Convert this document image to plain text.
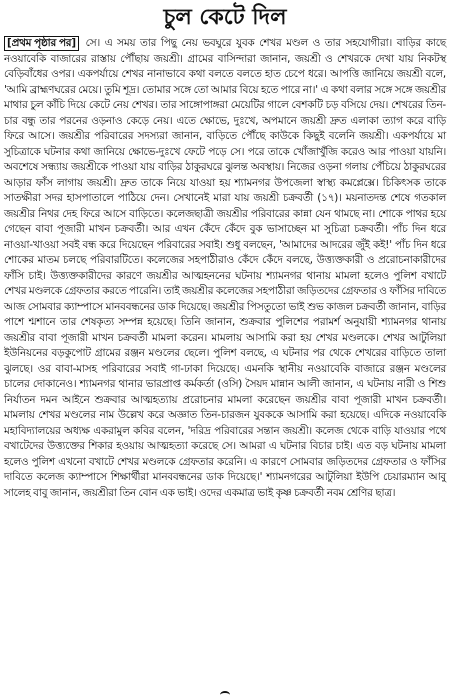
চুল কেটে দিল

[প্রথম পৃষ্ঠার পর] সে। এ সময় তার পিছু নেয় ভবঘুরে যুবক শেখর মণ্ডল ও তার সহযোগীরা। বাড়ির কাছে নওয়াবেকি বাজারের রাস্তায় পৌঁছায় জয়শ্রী। গ্রামের বাসিন্দারা জানান, জয়শ্রী ও শেখরকে দেখা যায় নিকটস্থ বেড়িবাঁধের ওপর। একপর্যায়ে শেখর নানাভাবে কথা বলতে বলতে হাত চেপে ধরে। আপত্তি জানিয়ে জয়শ্রী বলে, 'আমি ব্রাহ্মণঘরের মেয়ে। তুমি শূদ্র। তোমার সঙ্গে তো আমার বিয়ে হতে পারে না।' এ কথা বলার সঙ্গে সঙ্গে জয়শ্রীর মাথার চুল কাঁচি দিয়ে কেটে নেয় শেখর। তার সাঙ্গোপাঙ্গরা মেয়েটির গালে বেশকটি চড় বসিয়ে দেয়। শেখরের তিন-চার বন্ধু তার পরনের ওড়নাও কেড়ে নেয়। এতে ক্ষোভে, দুঃখে, অপমানে জয়শ্রী দ্রুত এলাকা ত্যাগ করে বাড়ি ফিরে আসে। জয়শ্রীর পরিবারের সদস্যরা জানান, বাড়িতে পৌঁছে কাউকে কিছুই বলেনি জয়শ্রী। একপর্যায়ে মা সুচিত্রাকে ঘটনার কথা জানিয়ে ক্ষোভে-দুঃখে ফেটে পড়ে সে। পরে তাকে খোঁজাখুঁজি করেও আর পাওয়া যায়নি। অবশেষে সন্ধ্যায় জয়শ্রীকে পাওয়া যায় বাড়ির ঠাকুরঘরে ঝুলন্ত অবস্থায়। নিজের ওড়না গলায় পেঁচিয়ে ঠাকুরঘরের আড়ার ফাঁস লাগায় জয়শ্রী। দ্রুত তাকে নিয়ে যাওয়া হয় শ্যামনগর উপজেলা স্বাস্থ্য কমপ্লেক্সে। চিকিৎসক তাকে সাতক্ষীরা সদর হাসপাতালে পাঠিয়ে দেন। সেখানেই মারা যায় জয়শ্রী চক্রবর্তী (১৭)। ময়নাতদন্ত শেষে গতকাল জয়শ্রীর নিথর দেহ ফিরে আসে বাড়িতে। কলেজছাত্রী জয়শ্রীর পরিবারের কান্না যেন থামছে না। শোকে পাথর হয়ে গেছেন বাবা পূজারী মাখন চক্রবর্তী। আর এখন কেঁদে কেঁদে বুক ভাসাচ্ছেন মা সুচিত্রা চক্রবর্তী। পাঁচ দিন ধরে নাওয়া-খাওয়া সবই বন্ধ করে দিয়েছেন পরিবারের সবাই। শুধু বলছেন, 'আমাদের আদরের জুঁই কই!' পাঁচ দিন ধরে শোকের মাতম চলছে পরিবারটিতে। কলেজের সহপাঠীরাও কেঁদে কেঁদে বলছে, উত্ত্যক্তকারী ও প্ররোচনাকারীদের ফাঁসি চাই। উত্ত্যক্তকারীদের কারণে জয়শ্রীর আত্মহননের ঘটনায় শ্যামনগর থানায় মামলা হলেও পুলিশ বখাটে শেখর মণ্ডলকে গ্রেফতার করতে পারেনি। তাই জয়শ্রীর কলেজের সহপাঠীরা জড়িতদের গ্রেফতার ও ফাঁসির দাবিতে আজ সোমবার ক্যাম্পাসে মানববন্ধনের ডাক দিয়েছে। জয়শ্রীর পিসতুতো ভাই শুভ কাজল চক্রবর্তী জানান, বাড়ির পাশে শ্মশানে তার শেষকৃত্য সম্পন্ন হয়েছে। তিনি জানান, শুক্রবার পুলিশের পরামর্শ অনুযায়ী শ্যামনগর থানায় জয়শ্রীর বাবা পূজারী মাখন চক্রবর্তী মামলা করেন। মামলায় আসামি করা হয় শেখর মণ্ডলকে। শেখর আটুলিয়া ইউনিয়নের বড়কুপোট গ্রামের রঞ্জন মণ্ডলের ছেলে। পুলিশ বলছে, এ ঘটনার পর থেকে শেখরের বাড়িতে তালা ঝুলছে। ওর বাবা-মাসহ পরিবারের সবাই গা-ঢাকা দিয়েছে। এমনকি স্থানীয় নওয়াবেকি বাজারে রঞ্জন মণ্ডলের চালের দোকানেও। শ্যামনগর থানার ভারপ্রাপ্ত কর্মকর্তা (ওসি) সৈয়দ মান্নান আলী জানান, এ ঘটনায় নারী ও শিশু নির্যাতন দমন আইনে শুক্রবার আত্মহত্যায় প্ররোচনার মামলা করেছেন জয়শ্রীর বাবা পূজারী মাখন চক্রবর্তী। মামলায় শেখর মণ্ডলের নাম উল্লেখ করে অজ্ঞাত তিন-চারজন যুবককে আসামি করা হয়েছে। এদিকে নওয়াবেকি মহাবিদ্যালয়ের অধ্যক্ষ একরামুল কবির বলেন, 'দরিদ্র পরিবারের সন্তান জয়শ্রী। কলেজ থেকে বাড়ি যাওয়ার পথে বখাটেদের উত্ত্যক্তের শিকার হওয়ায় আত্মহত্যা করেছে সে। আমরা এ ঘটনার বিচার চাই। এত বড় ঘটনায় মামলা হলেও পুলিশ এখনো বখাটে শেখর মণ্ডলকে গ্রেফতার করেনি। এ কারণে সোমবার জড়িতদের গ্রেফতার ও ফাঁসির দাবিতে কলেজ ক্যাম্পাসে শিক্ষার্থীরা মানববন্ধনের ডাক দিয়েছে।' শ্যামনগরের আটুলিয়া ইউপি চেয়ারম্যান আবু সালেহ বাবু জানান, জয়শ্রীরা তিন বোন এক ভাই। ওদের একমাত্র ভাই কৃষ্ণ চক্রবর্তী নবম শ্রেণির ছাত্র।
